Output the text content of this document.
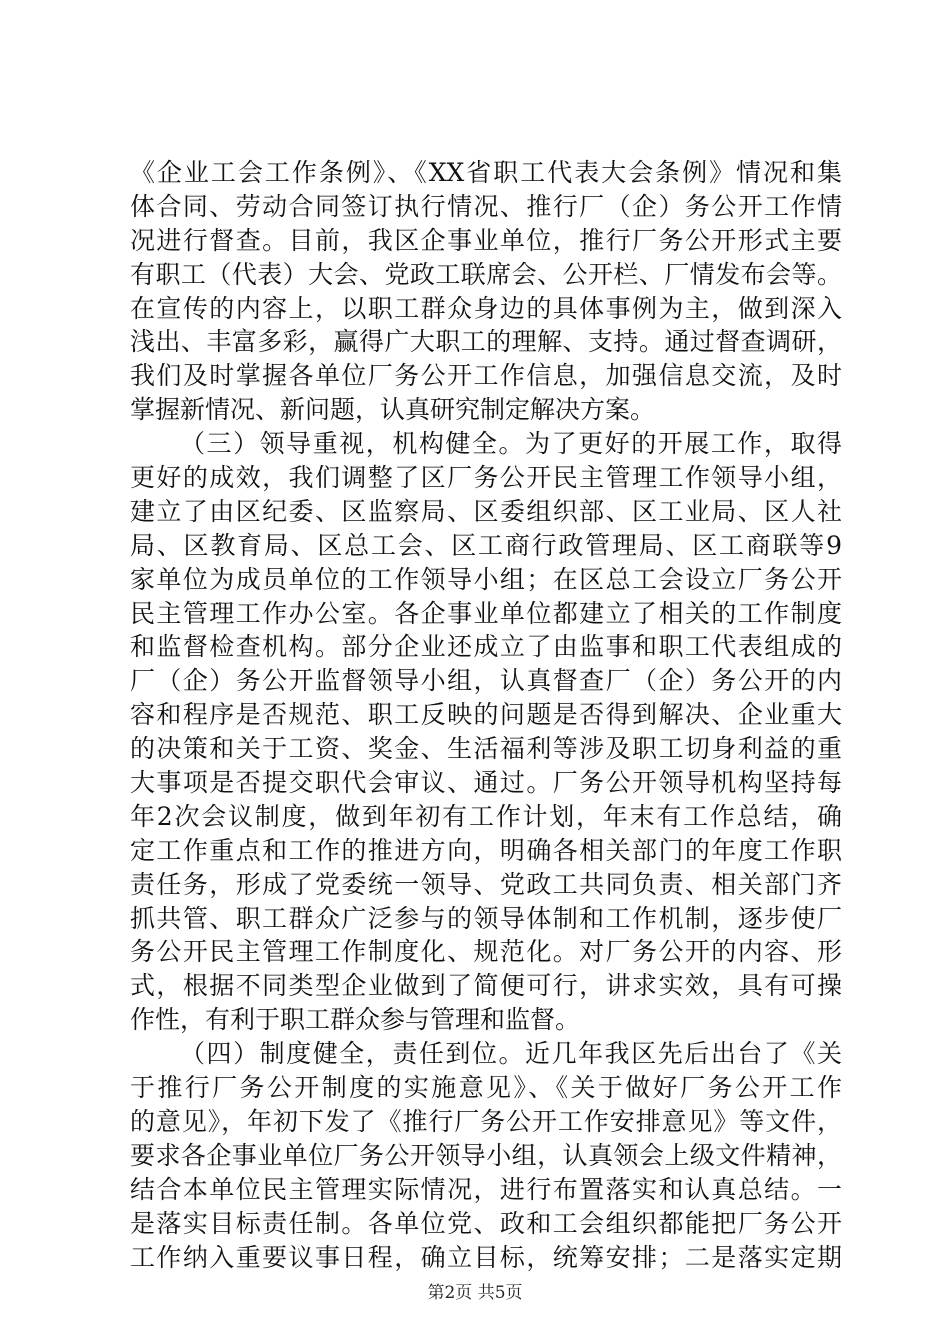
《企业工会工作条例》、《XX省职工代表大会条例》情况和集
体合同、劳动合同签订执行情况、推行厂（企）务公开工作情
况进行督查。目前，我区企事业单位，推行厂务公开形式主要
有职工（代表）大会、党政工联席会、公开栏、厂情发布会等。
在宣传的内容上，以职工群众身边的具体事例为主，做到深入
浅出、丰富多彩，赢得广大职工的理解、支持。通过督查调研，
我们及时掌握各单位厂务公开工作信息，加强信息交流，及时
掌握新情况、新问题，认真研究制定解决方案。
（三）领导重视，机构健全。为了更好的开展工作，取得
更好的成效，我们调整了区厂务公开民主管理工作领导小组，
建立了由区纪委、区监察局、区委组织部、区工业局、区人社
局、区教育局、区总工会、区工商行政管理局、区工商联等9
家单位为成员单位的工作领导小组；在区总工会设立厂务公开
民主管理工作办公室。各企事业单位都建立了相关的工作制度
和监督检查机构。部分企业还成立了由监事和职工代表组成的
厂（企）务公开监督领导小组，认真督查厂（企）务公开的内
容和程序是否规范、职工反映的问题是否得到解决、企业重大
的决策和关于工资、奖金、生活福利等涉及职工切身利益的重
大事项是否提交职代会审议、通过。厂务公开领导机构坚持每
年2次会议制度，做到年初有工作计划，年末有工作总结，确
定工作重点和工作的推进方向，明确各相关部门的年度工作职
责任务，形成了党委统一领导、党政工共同负责、相关部门齐
抓共管、职工群众广泛参与的领导体制和工作机制，逐步使厂
务公开民主管理工作制度化、规范化。对厂务公开的内容、形
式，根据不同类型企业做到了简便可行，讲求实效，具有可操
作性，有利于职工群众参与管理和监督。
（四）制度健全，责任到位。近几年我区先后出台了《关
于推行厂务公开制度的实施意见》、《关于做好厂务公开工作
的意见》，年初下发了《推行厂务公开工作安排意见》等文件，
要求各企事业单位厂务公开领导小组，认真领会上级文件精神，
结合本单位民主管理实际情况，进行布置落实和认真总结。一
是落实目标责任制。各单位党、政和工会组织都能把厂务公开
工作纳入重要议事日程，确立目标，统筹安排；二是落实定期
第2页 共5页
